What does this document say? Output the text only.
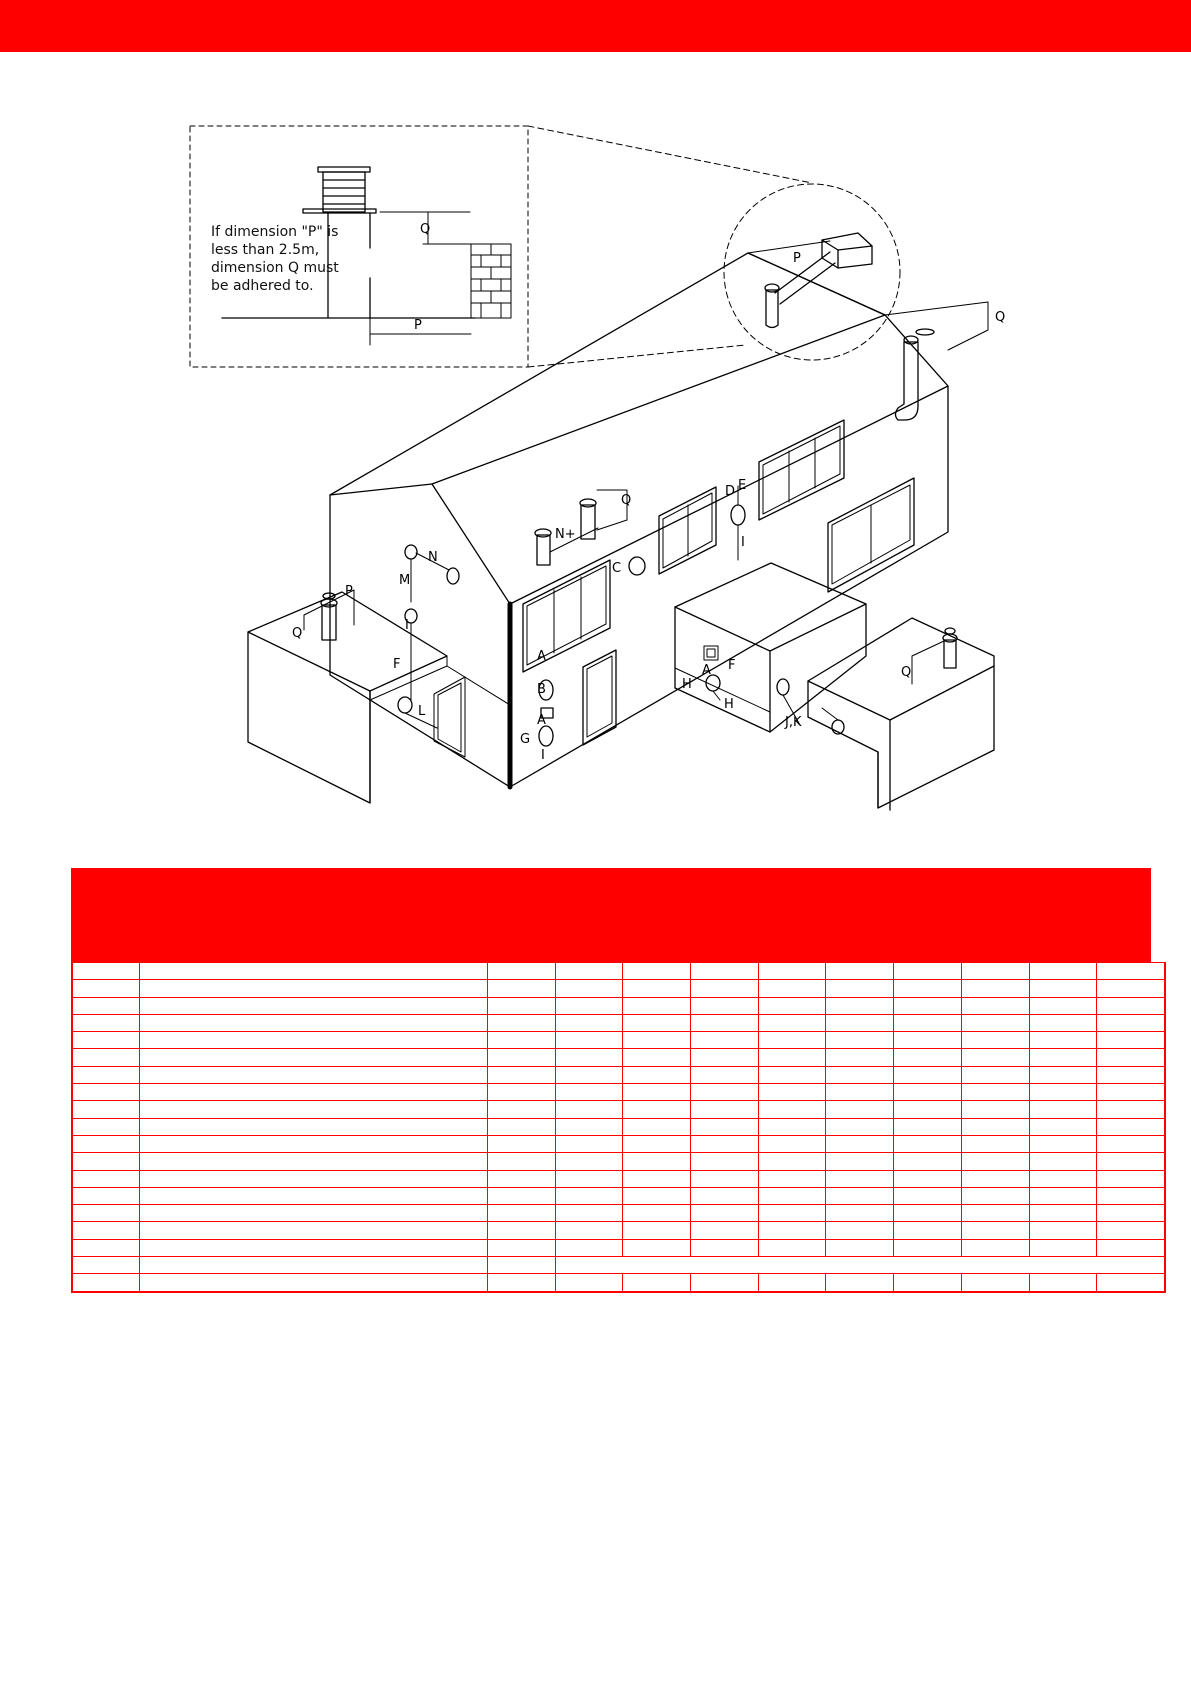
Q
P
If dimension "P" is less than 2.5m, dimension Q must be adhered to.
P
Q
Q
N+
D E
I
C
N
M
P
I
Q
F
L
A
B
A
G
I
A F
H
H
J,K
Q
